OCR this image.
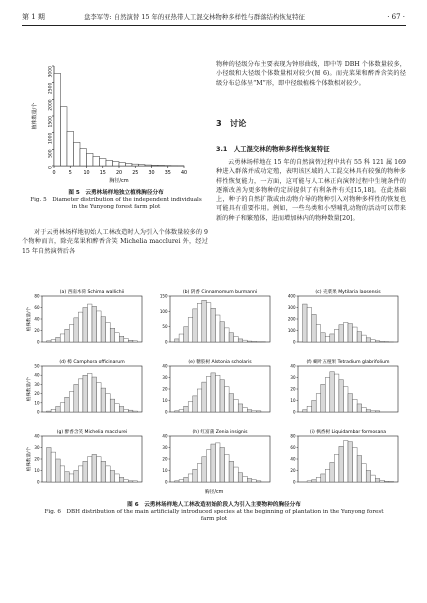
第 1 期	盘李军等: 自然演替 15 年的亚热带人工混交林物种多样性与群落结构恢复特征	· 67 ·
0
500
1000
1500
2000
2500
3000
0	5 10 15 20 25 30 35 40
植株数量/个
胸径/cm
图 5　云勇林场样地独立植株胸径分布
Fig. 5　Diameter distribution of the independent individuals
in the Yunyong forest farm plot
对于云勇林场样地初始人工林改造时人为引入个体数量较多的 9 个物种而言，除壳菜果和醉香含笑 Michelia macclurei 外，经过 15 年自然演替后各
物种的径级分布主要表现为钟形曲线，即中等 DBH 个体数量较多，小径级和大径级个体数量相对较少(图 6)。而壳菜果和醉香含笑的径级分布总体呈“M”形，即中径级植株个体数相对较少。
3　讨论
3.1　人工混交林的物种多样性恢复特征
云勇林场样地在 15 年的自然演替过程中共有 55 科 121 属 169 种进入群落并成功定殖，表明该区域的人工混交林具有较强的物种多样性恢复能力，一方面，这可能与人工林正向演替过程中生境条件的逐渐改善为更多物种的定居提供了有利条件有关[15,18]。在此基础上，种子的自然扩散或由动物介导的物种引入对物种多样性的恢复也可能具有重要作用。例如，一些鸟类和小型哺乳动物的活动可以带来新的种子和繁殖体，进而增加林内的物种数量[20]。
(a) 西南木荷 Schima wallichii
0
20
40
60
80
植株数量/个
(b) 阴香 Cinnamomum burmanni
0
50
100
150
(c) 壳菜果 Mytilaria laosensis
0
100
200
300
400
(d) 樟 Camphora officinarum
0
10
20
30
40
50
植株数量/个
(e) 糖胶树 Alstonia scholaris
0
10
20
30
40
(f) 蝴叶五桠果 Tetradium glabrifolium
0
10
20
30
40
(g) 醉香含笑 Michelia macclurei
0
10
20
30
40
植株数量/个
(h) 红富蒲 Zenia insignis
0
10
20
30
40
(i) 枫香树 Liquidambar formosana
0
20
40
60
80
胸径/cm
图 6　云勇林场样地人工林改造初始阶段人为引入主要物种的胸径分布
Fig. 6　DBH distribution of the main artificially introduced species at the beginning of plantation in the Yunyong forest
farm plot
